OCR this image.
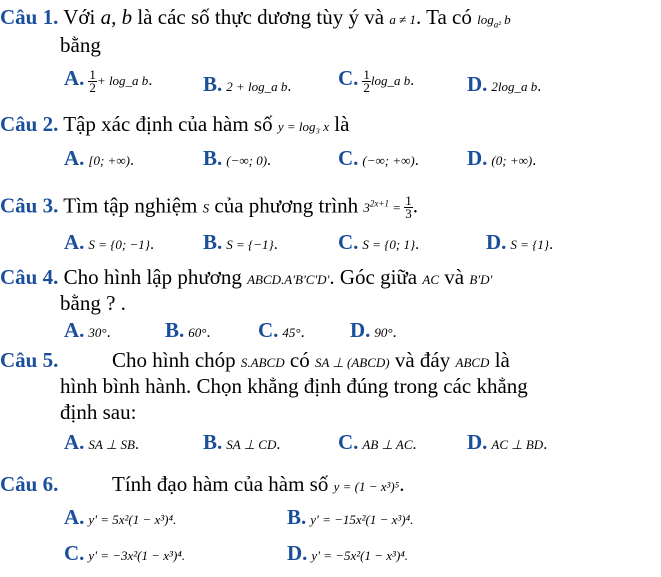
Câu 1. Với a, b là các số thực dương tùy ý và a ≠ 1. Ta có $\log_{a^2} b$
bằng
A. $\frac{1}{2}$ + log_a b. B. 2 + log_a b. C. $\frac{1}{2}$ log_a b.	D. 2log_a b.
Câu 2. Tập xác định của hàm số y = log₃ x là
A. [0; +∞).	B. (−∞; 0).	C. (−∞; +∞). D. (0; +∞).
Câu 3. Tìm tập nghiệm S của phương trình $3^{2x+1} = \frac{1}{3}$ .
A. S = {0; −1}. B. S = {−1}.	C. S = {0; 1}.	D. S = {1}.
Câu 4. Cho hình lập phương ABCD.A'B'C'D'. Góc giữa AC và B'D'
bằng ? .
A. 30°.	B. 60°. C. 45°. D. 90°.
Câu 5.	Cho hình chóp S.ABCD có SA ⊥ (ABCD) và đáy ABCD là
hình bình hành. Chọn khẳng định đúng trong các khẳng
định sau:
A. SA ⊥ SB.	B. SA ⊥ CD.	C. AB ⊥ AC. D. AC ⊥ BD.
Câu 6.	Tính đạo hàm của hàm số y = (1 − x³)⁵.
A. y' = 5x²(1 − x³)⁴.	B. y' = −15x²(1 − x³)⁴.
C. y' = −3x²(1 − x³)⁴.	D. y' = −5x²(1 − x³)⁴.
